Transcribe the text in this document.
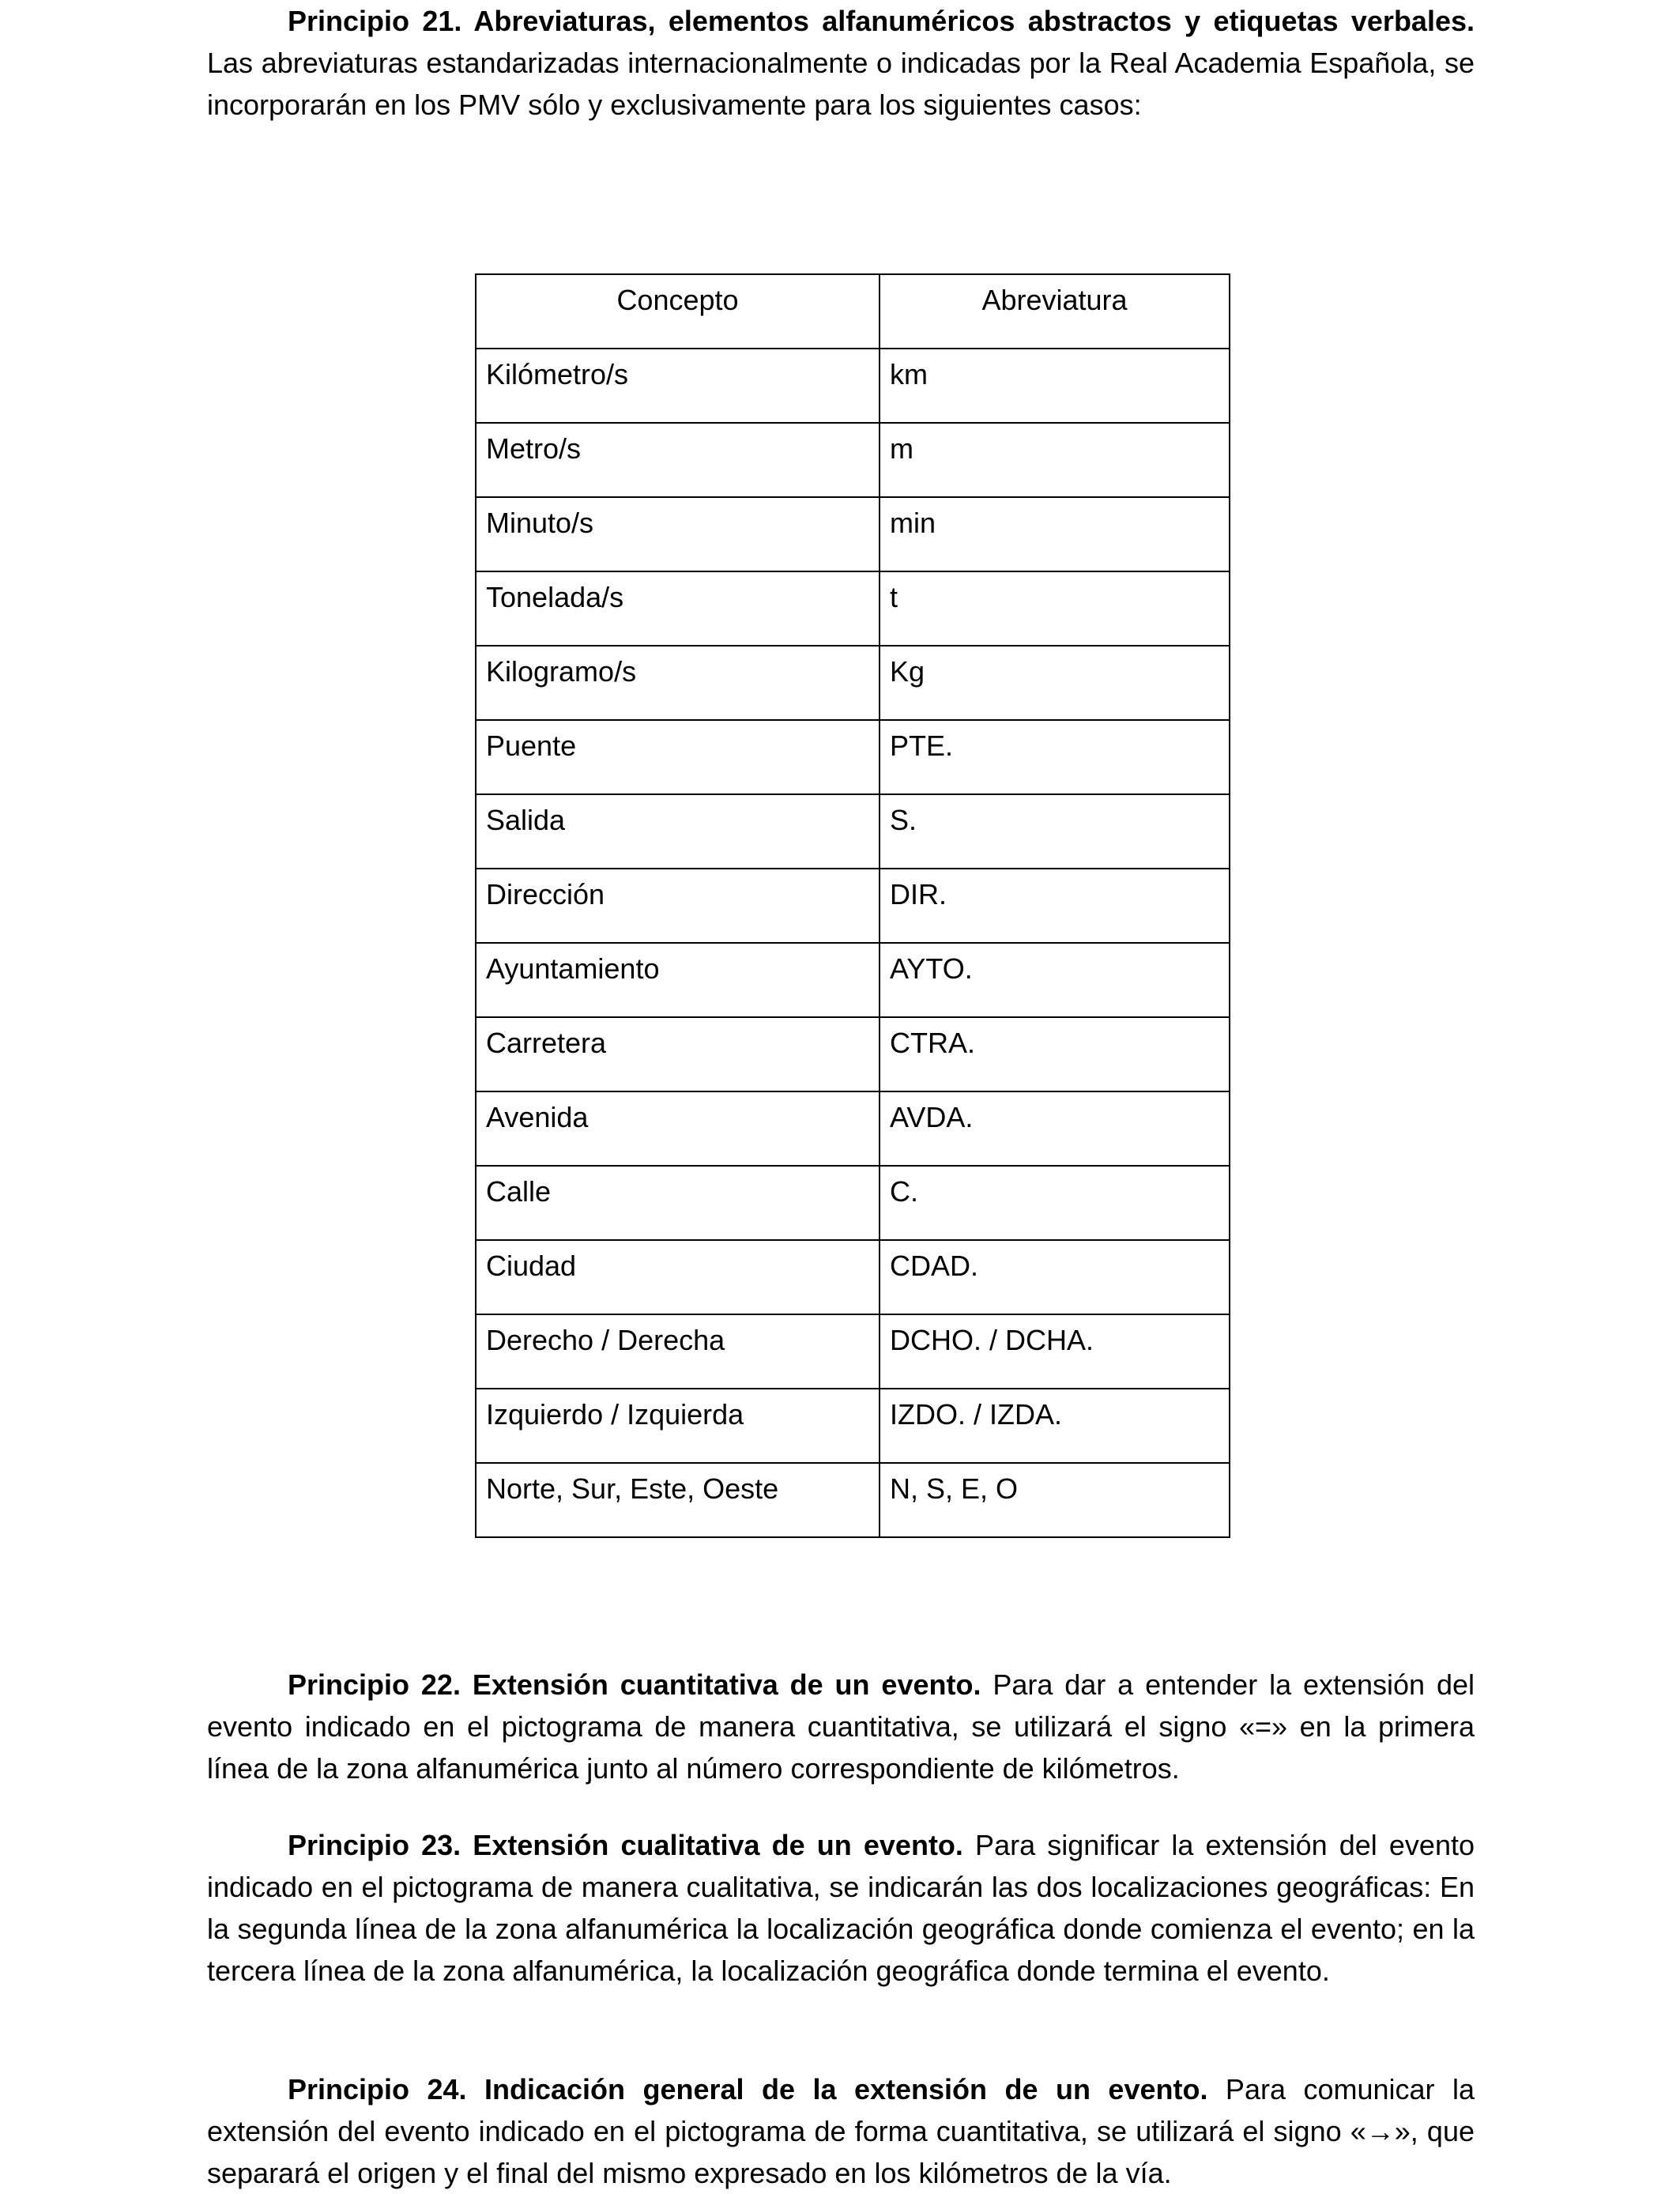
Principio 21. Abreviaturas, elementos alfanuméricos abstractos y etiquetas verbales. Las abreviaturas estandarizadas internacionalmente o indicadas por la Real Academia Española, se incorporarán en los PMV sólo y exclusivamente para los siguientes casos:

Concepto	Abreviatura
Kilómetro/s	km
Metro/s	m
Minuto/s	min
Tonelada/s	t
Kilogramo/s	Kg
Puente	PTE.
Salida	S.
Dirección	DIR.
Ayuntamiento	AYTO.
Carretera	CTRA.
Avenida	AVDA.
Calle	C.
Ciudad	CDAD.
Derecho / Derecha	DCHO. / DCHA.
Izquierdo / Izquierda	IZDO. / IZDA.
Norte, Sur, Este, Oeste	N, S, E, O

Principio 22. Extensión cuantitativa de un evento. Para dar a entender la extensión del evento indicado en el pictograma de manera cuantitativa, se utilizará el signo «=» en la primera línea de la zona alfanumérica junto al número correspondiente de kilómetros.

Principio 23. Extensión cualitativa de un evento. Para significar la extensión del evento indicado en el pictograma de manera cualitativa, se indicarán las dos localizaciones geográficas: En la segunda línea de la zona alfanumérica la localización geográfica donde comienza el evento; en la tercera línea de la zona alfanumérica, la localización geográfica donde termina el evento.

Principio 24. Indicación general de la extensión de un evento. Para comunicar la extensión del evento indicado en el pictograma de forma cuantitativa, se utilizará el signo «→», que separará el origen y el final del mismo expresado en los kilómetros de la vía.
